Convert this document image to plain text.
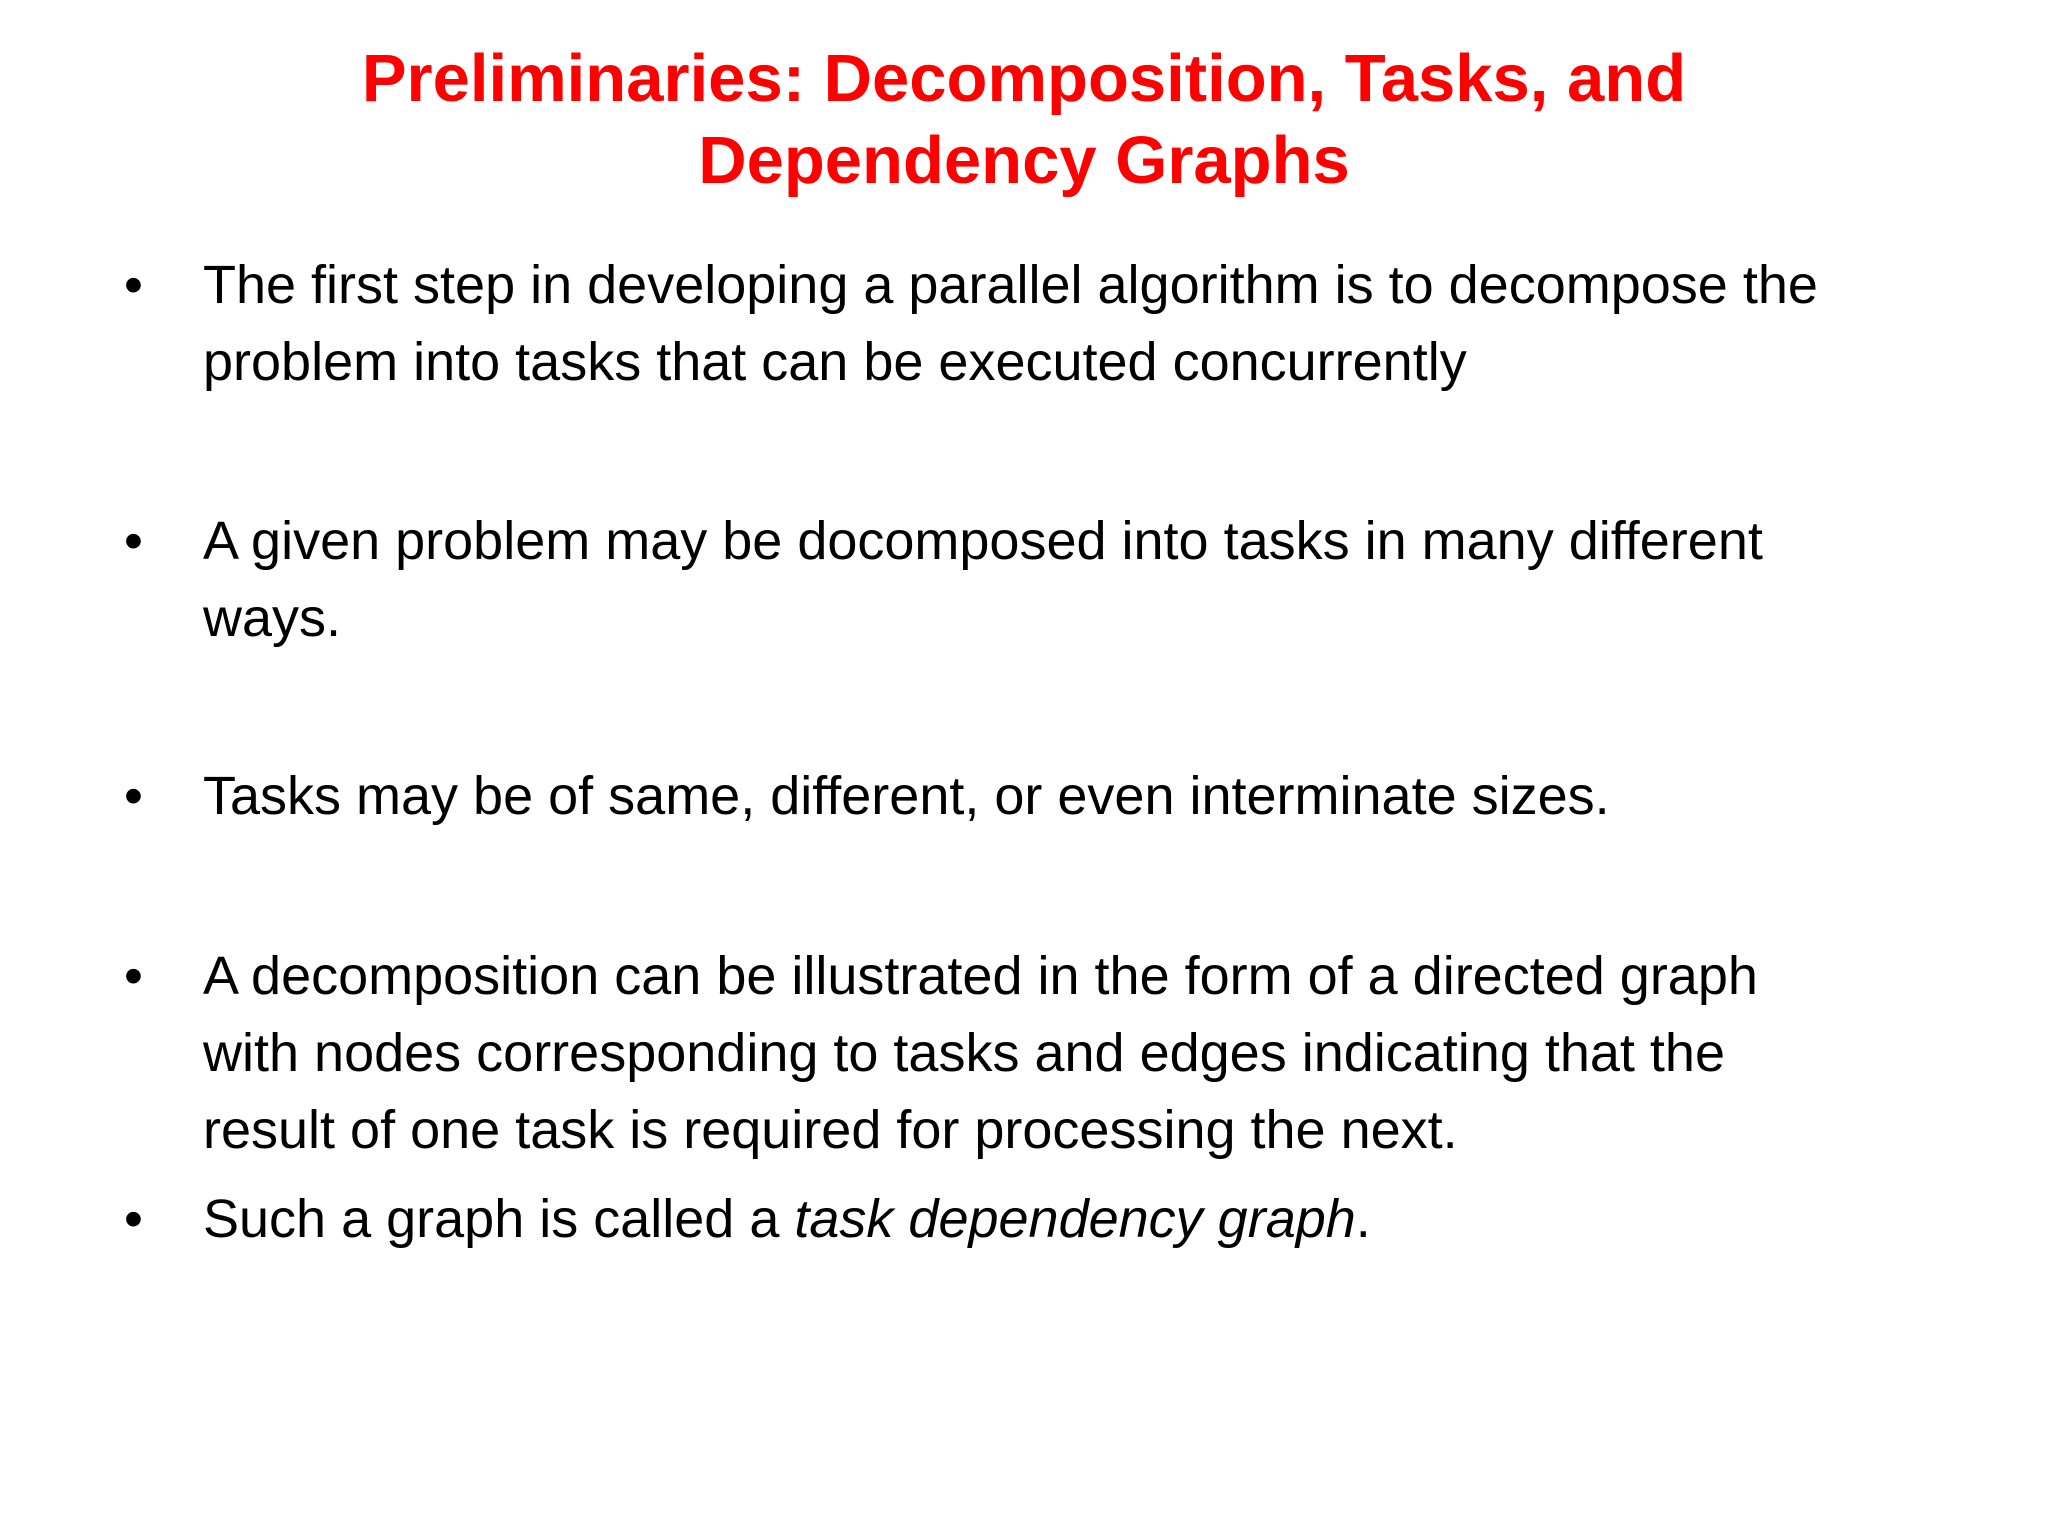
Preliminaries: Decomposition, Tasks, and
Dependency Graphs
• The first step in developing a parallel algorithm is to decompose the
problem into tasks that can be executed concurrently
• A given problem may be docomposed into tasks in many different
ways.
• Tasks may be of same, different, or even interminate sizes.
• A decomposition can be illustrated in the form of a directed graph
with nodes corresponding to tasks and edges indicating that the
result of one task is required for processing the next.
• Such a graph is called a task dependency graph.
